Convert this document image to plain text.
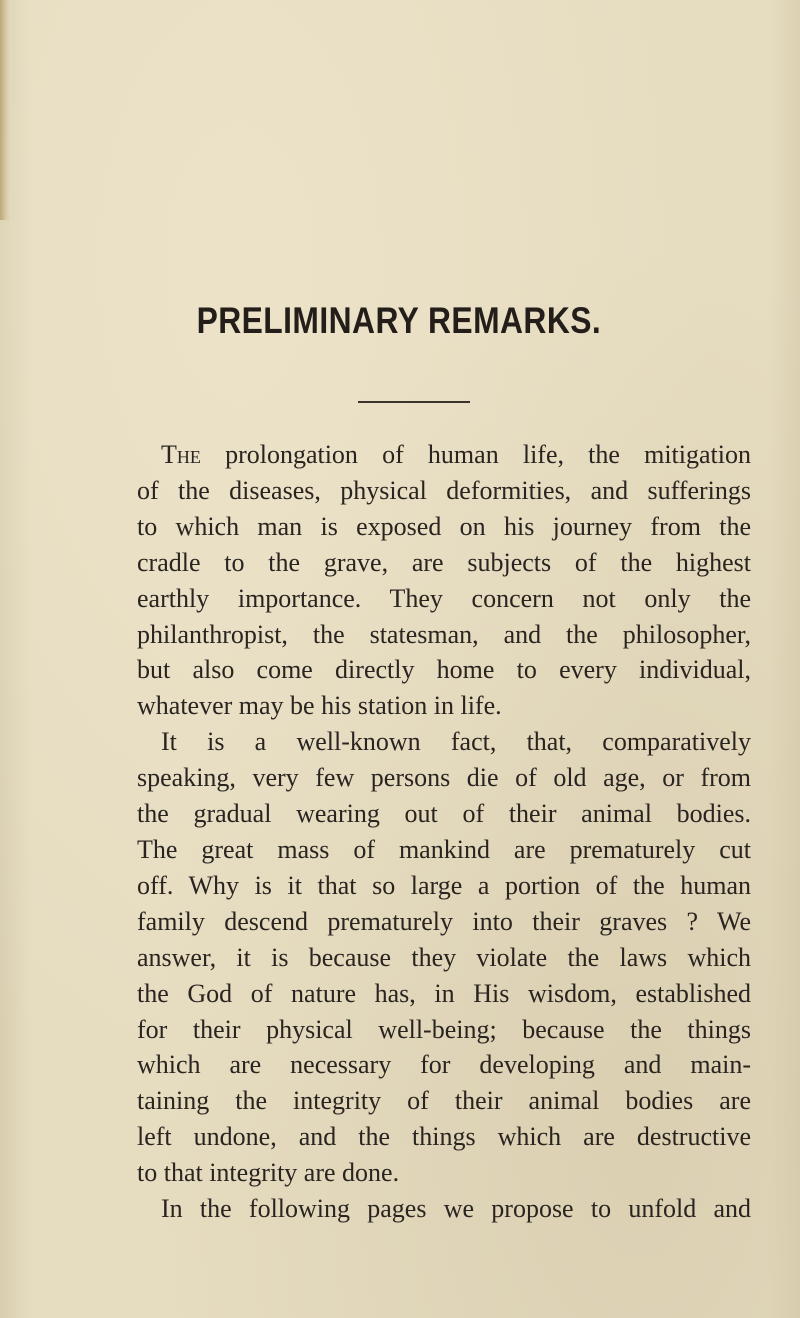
PRELIMINARY REMARKS.
The prolongation of human life, the mitigation
of the diseases, physical deformities, and sufferings
to which man is exposed on his journey from the
cradle to the grave, are subjects of the highest
earthly importance. They concern not only the
philanthropist, the statesman, and the philosopher,
but also come directly home to every individual,
whatever may be his station in life.
It is a well-known fact, that, comparatively
speaking, very few persons die of old age, or from
the gradual wearing out of their animal bodies.
The great mass of mankind are prematurely cut
off. Why is it that so large a portion of the human
family descend prematurely into their graves ? We
answer, it is because they violate the laws which
the God of nature has, in His wisdom, established
for their physical well-being; because the things
which are necessary for developing and main-
taining the integrity of their animal bodies are
left undone, and the things which are destructive
to that integrity are done.
In the following pages we propose to unfold and
